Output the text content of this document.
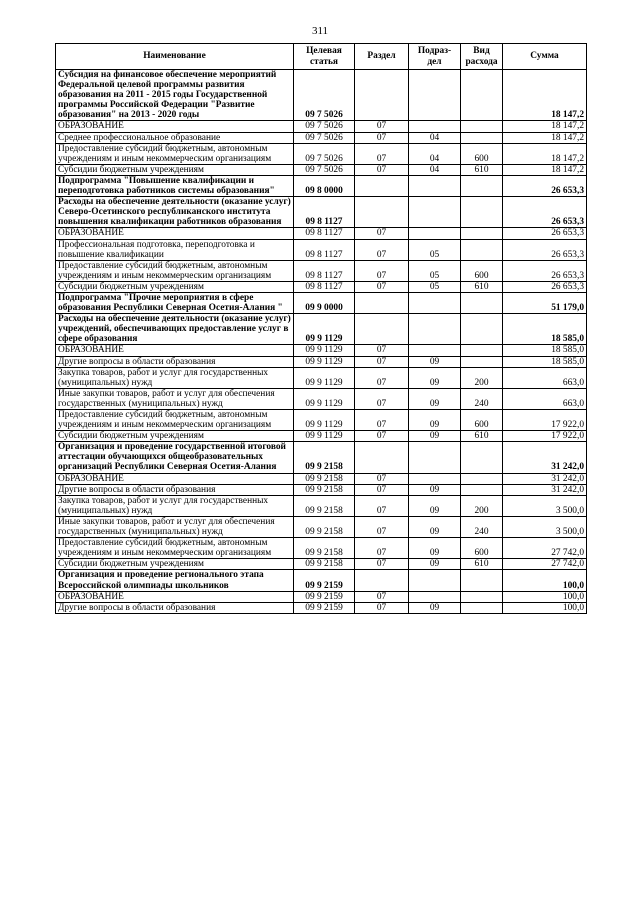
311
Наименование	Целевая статья	Раздел	Подраз-дел	Вид расхода	Сумма
Субсидия на финансовое обеспечение мероприятий Федеральной целевой программы развития образования на 2011 - 2015 годы Государственной программы Российской Федерации "Развитие образования" на 2013 - 2020 годы	09 7 5026				18 147,2
ОБРАЗОВАНИЕ	09 7 5026	07			18 147,2
Среднее профессиональное образование	09 7 5026	07	04		18 147,2
Предоставление субсидий бюджетным, автономным учреждениям и иным некоммерческим организациям	09 7 5026	07	04	600	18 147,2
Субсидии бюджетным учреждениям	09 7 5026	07	04	610	18 147,2
Подпрограмма "Повышение квалификации и переподготовка работников системы образования"	09 8 0000				26 653,3
Расходы на обеспечение деятельности (оказание услуг) Северо-Осетинского республиканского института повышения квалификации работников образования	09 8 1127				26 653,3
ОБРАЗОВАНИЕ	09 8 1127	07			26 653,3
Профессиональная подготовка, переподготовка и повышение квалификации	09 8 1127	07	05		26 653,3
Предоставление субсидий бюджетным, автономным учреждениям и иным некоммерческим организациям	09 8 1127	07	05	600	26 653,3
Субсидии бюджетным учреждениям	09 8 1127	07	05	610	26 653,3
Подпрограмма "Прочие мероприятия в сфере образования Республики Северная Осетия-Алания "	09 9 0000				51 179,0
Расходы на обеспечение деятельности (оказание услуг) учреждений, обеспечивающих предоставление услуг в сфере образования	09 9 1129				18 585,0
ОБРАЗОВАНИЕ	09 9 1129	07			18 585,0
Другие вопросы в области образования	09 9 1129	07	09		18 585,0
Закупка товаров, работ и услуг для государственных (муниципальных) нужд	09 9 1129	07	09	200	663,0
Иные закупки товаров, работ и услуг для обеспечения государственных (муниципальных) нужд	09 9 1129	07	09	240	663,0
Предоставление субсидий бюджетным, автономным учреждениям и иным некоммерческим организациям	09 9 1129	07	09	600	17 922,0
Субсидии бюджетным учреждениям	09 9 1129	07	09	610	17 922,0
Организация и проведение государственной итоговой аттестации обучающихся общеобразовательных организаций Республики Северная Осетия-Алания	09 9 2158				31 242,0
ОБРАЗОВАНИЕ	09 9 2158	07			31 242,0
Другие вопросы в области образования	09 9 2158	07	09		31 242,0
Закупка товаров, работ и услуг для государственных (муниципальных) нужд	09 9 2158	07	09	200	3 500,0
Иные закупки товаров, работ и услуг для обеспечения государственных (муниципальных) нужд	09 9 2158	07	09	240	3 500,0
Предоставление субсидий бюджетным, автономным учреждениям и иным некоммерческим организациям	09 9 2158	07	09	600	27 742,0
Субсидии бюджетным учреждениям	09 9 2158	07	09	610	27 742,0
Организация и проведение регионального этапа Всероссийской олимпиады школьников	09 9 2159				100,0
ОБРАЗОВАНИЕ	09 9 2159	07			100,0
Другие вопросы в области образования	09 9 2159	07	09		100,0
